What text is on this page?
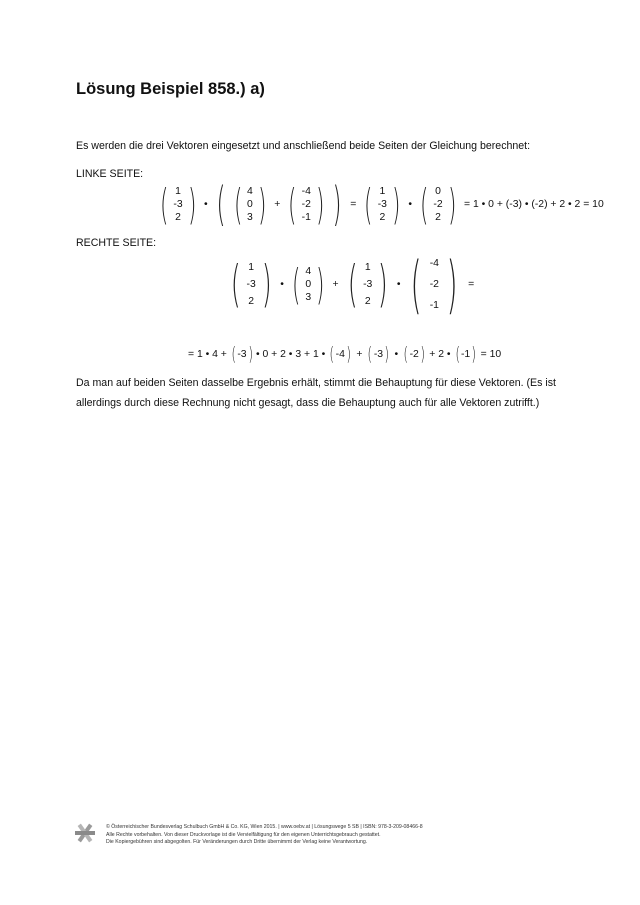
Lösung Beispiel 858.) a)
Es werden die drei Vektoren eingesetzt und anschließend beide Seiten der Gleichung berechnet:
LINKE SEITE:
( 1
-3
2 ) • ( ( 4
0
3 ) + ( -4
-2
-1 ) ) = ( 1
-3
2 ) • ( 0
-2
2 ) = 1 • 0 + (-3) • (-2) + 2 • 2 = 10
RECHTE SEITE:
( 1
-3
2 ) • ( 4
0
3 ) + ( 1
-3
2 ) • ( -4
-2
-1 )	=
= 1 • 4 + ( -3 ) • 0 + 2 • 3 + 1 • ( -4 ) + ( -3 ) • ( -2 ) + 2 • ( -1 ) = 10
Da man auf beiden Seiten dasselbe Ergebnis erhält, stimmt die Behauptung für diese Vektoren. (Es ist
allerdings durch diese Rechnung nicht gesagt, dass die Behauptung auch für alle Vektoren zutrifft.)
© Österreichischer Bundesverlag Schulbuch GmbH & Co. KG, Wien 2015. | www.oebv.at | Lösungswege 5 SB | ISBN: 978-3-209-08466-8
Alle Rechte vorbehalten. Von dieser Druckvorlage ist die Vervielfältigung für den eigenen Unterrichtsgebrauch gestattet.
Die Kopiergebühren sind abgegolten. Für Veränderungen durch Dritte übernimmt der Verlag keine Verantwortung.
